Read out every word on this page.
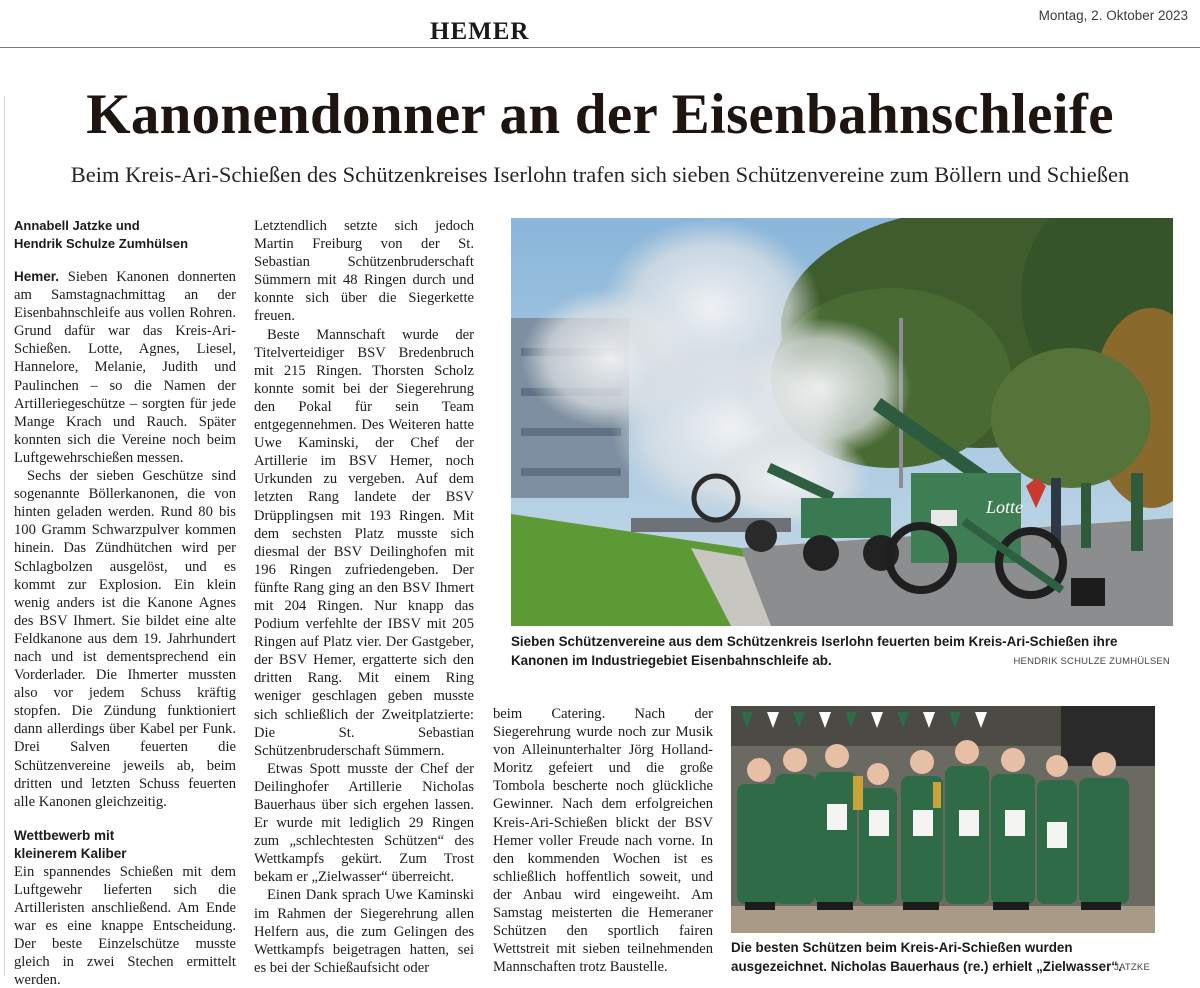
HEMER
Montag, 2. Oktober 2023
Kanonendonner an der Eisenbahnschleife
Beim Kreis-Ari-Schießen des Schützenkreises Iserlohn trafen sich sieben Schützenvereine zum Böllern und Schießen
Annabell Jatzke und
Hendrik Schulze Zumhülsen

Hemer. Sieben Kanonen donnerten am Samstagnachmittag an der Eisenbahnschleife aus vollen Rohren. Grund dafür war das Kreis-Ari-Schießen. Lotte, Agnes, Liesel, Hannelore, Melanie, Judith und Paulinchen – so die Namen der Artilleriegeschütze – sorgten für jede Mange Krach und Rauch. Später konnten sich die Vereine noch beim Luftgewehrschießen messen.

Sechs der sieben Geschütze sind sogenannte Böllerkanonen, die von hinten geladen werden. Rund 80 bis 100 Gramm Schwarzpulver kommen hinein. Das Zündhütchen wird per Schlagbolzen ausgelöst, und es kommt zur Explosion. Ein klein wenig anders ist die Kanone Agnes des BSV Ihmert. Sie bildet eine alte Feldkanone aus dem 19. Jahrhundert nach und ist dementsprechend ein Vorderlader. Die Ihmerter mussten also vor jedem Schuss kräftig stopfen. Die Zündung funktioniert dann allerdings über Kabel per Funk. Drei Salven feuerten die Schützenvereine jeweils ab, beim dritten und letzten Schuss feuerten alle Kanonen gleichzeitig.

Wettbewerb mit
kleinerem Kaliber

Ein spannendes Schießen mit dem Luftgewehr lieferten sich die Artilleristen anschließend. Am Ende war es eine knappe Entscheidung. Der beste Einzelschütze musste gleich in zwei Stechen ermittelt werden.

Letztendlich setzte sich jedoch Martin Freiburg von der St. Sebastian Schützenbruderschaft Sümmern mit 48 Ringen durch und konnte sich über die Siegerkette freuen.

Beste Mannschaft wurde der Titelverteidiger BSV Bredenbruch mit 215 Ringen. Thorsten Scholz konnte somit bei der Siegerehrung den Pokal für sein Team entgegennehmen. Des Weiteren hatte Uwe Kaminski, der Chef der Artillerie im BSV Hemer, noch Urkunden zu vergeben. Auf dem letzten Rang landete der BSV Drüpplingsen mit 193 Ringen. Mit dem sechsten Platz musste sich diesmal der BSV Deilinghofen mit 196 Ringen zufriedengeben. Der fünfte Rang ging an den BSV Ihmert mit 204 Ringen. Nur knapp das Podium verfehlte der IBSV mit 205 Ringen auf Platz vier. Der Gastgeber, der BSV Hemer, ergatterte sich den dritten Rang. Mit einem Ring weniger geschlagen geben musste sich schließlich der Zweitplatzierte: Die St. Sebastian Schützenbruderschaft Sümmern.

Etwas Spott musste der Chef der Deilinghofer Artillerie Nicholas Bauerhaus über sich ergehen lassen. Er wurde mit lediglich 29 Ringen zum „schlechtesten Schützen“ des Wettkampfs gekürt. Zum Trost bekam er „Zielwasser“ überreicht.

Einen Dank sprach Uwe Kaminski im Rahmen der Siegerehrung allen Helfern aus, die zum Gelingen des Wettkampfs beigetragen hatten, sei es bei der Schießaufsicht oder

beim Catering. Nach der Siegerehrung wurde noch zur Musik von Alleinunterhalter Jörg Holland-Moritz gefeiert und die große Tombola bescherte noch glückliche Gewinner. Nach dem erfolgreichen Kreis-Ari-Schießen blickt der BSV Hemer voller Freude nach vorne. In den kommenden Wochen ist es schließlich hoffentlich soweit, und der Anbau wird eingeweiht. Am Samstag meisterten die Hemeraner Schützen den sportlich fairen Wettstreit mit sieben teilnehmenden Mannschaften trotz Baustelle.

Lotte
Sieben Schützenvereine aus dem Schützenkreis Iserlohn feuerten beim Kreis-Ari-Schießen ihre Kanonen im Industriegebiet Eisenbahnschleife ab.	HENDRIK SCHULZE ZUMHÜLSEN
Die besten Schützen beim Kreis-Ari-Schießen wurden ausgezeichnet. Nicholas Bauerhaus (re.) erhielt „Zielwasser“.
JATZKE
